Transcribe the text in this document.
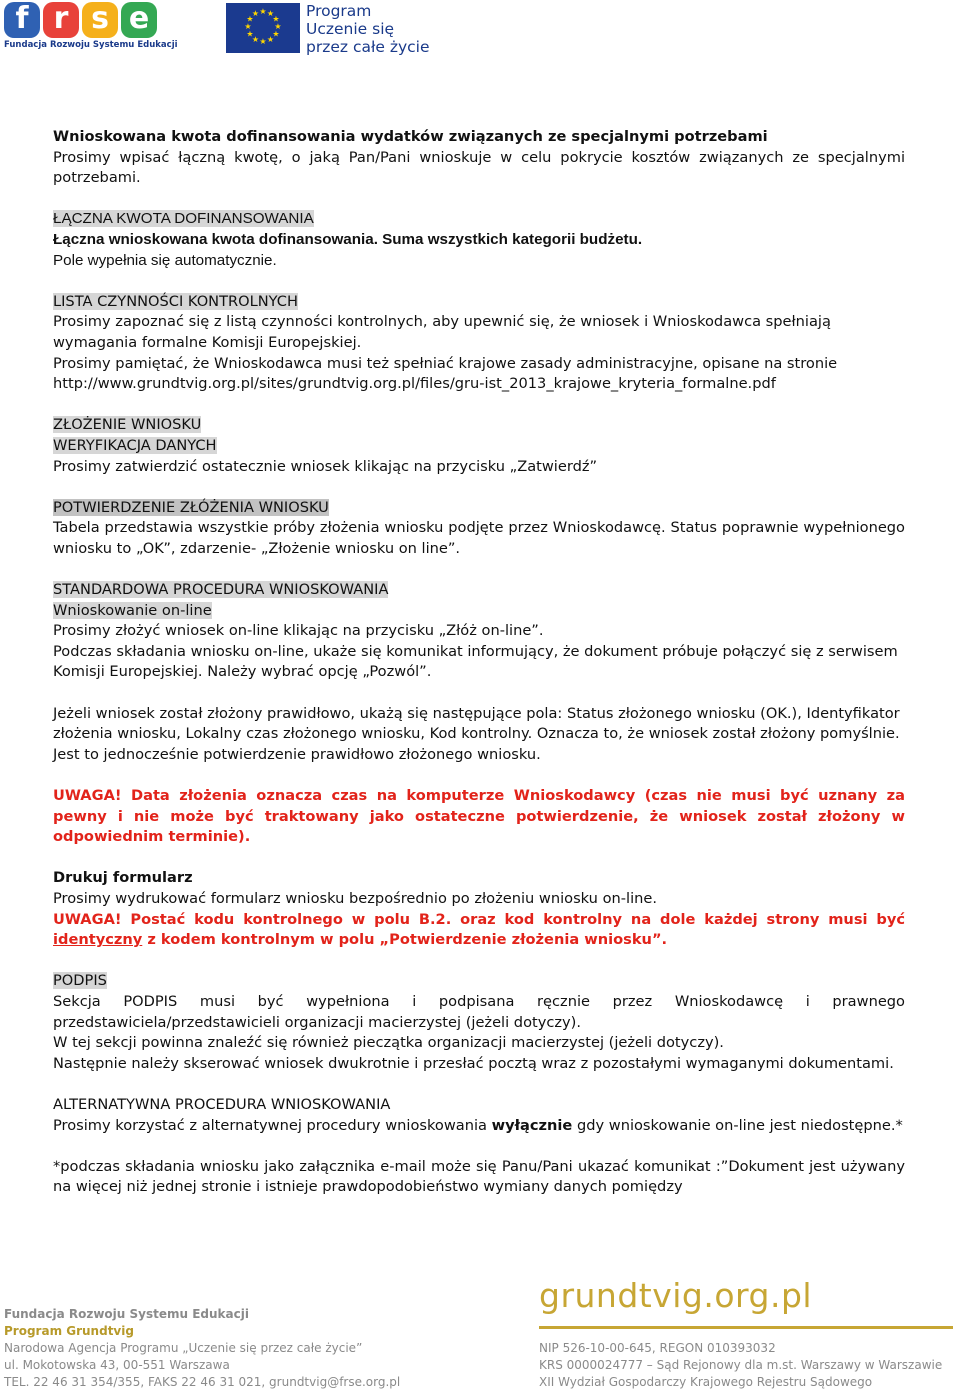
f r s e
Fundacja Rozwoju Systemu Edukacji
★ ★
★
★
★
★
★
★
★
★
★
★	Program
Uczenie się
przez całe życie

Wnioskowana kwota dofinansowania wydatków związanych ze specjalnymi potrzebami

Prosimy wpisać łączną kwotę, o jaką Pan/Pani wnioskuje w celu pokrycie kosztów związanych ze specjalnymi potrzebami.

ŁĄCZNA KWOTA DOFINANSOWANIA

Łączna wnioskowana kwota dofinansowania. Suma wszystkich kategorii budżetu.

Pole wypełnia się automatycznie.

LISTA CZYNNOŚCI KONTROLNYCH

Prosimy zapoznać się z listą czynności kontrolnych, aby upewnić się, że wniosek i Wnioskodawca spełniają wymagania formalne Komisji Europejskiej.

Prosimy pamiętać, że Wnioskodawca musi też spełniać krajowe zasady administracyjne, opisane na stronie

http://www.grundtvig.org.pl/sites/grundtvig.org.pl/files/gru-ist_2013_krajowe_kryteria_formalne.pdf

ZŁOŻENIE WNIOSKU

WERYFIKACJA DANYCH

Prosimy zatwierdzić ostatecznie wniosek klikając na przycisku „Zatwierdź”

POTWIERDZENIE ZŁÓŻENIA WNIOSKU

Tabela przedstawia wszystkie próby złożenia wniosku podjęte przez Wnioskodawcę. Status poprawnie wypełnionego wniosku to „OK”, zdarzenie- „Złożenie wniosku on line”.

STANDARDOWA PROCEDURA WNIOSKOWANIA

Wnioskowanie on-line

Prosimy złożyć wniosek on-line klikając na przycisku „Złóż on-line”.

Podczas składania wniosku on-line, ukaże się komunikat informujący, że dokument próbuje połączyć się z serwisem Komisji Europejskiej. Należy wybrać opcję „Pozwól”.

Jeżeli wniosek został złożony prawidłowo, ukażą się następujące pola: Status złożonego wniosku (OK.), Identyfikator złożenia wniosku, Lokalny czas złożonego wniosku, Kod kontrolny. Oznacza to, że wniosek został złożony pomyślnie. Jest to jednocześnie potwierdzenie prawidłowo złożonego wniosku.

UWAGA! Data złożenia oznacza czas na komputerze Wnioskodawcy (czas nie musi być uznany za pewny i nie może być traktowany jako ostateczne potwierdzenie, że wniosek został złożony w odpowiednim terminie).

Drukuj formularz

Prosimy wydrukować formularz wniosku bezpośrednio po złożeniu wniosku on-line.

UWAGA! Postać kodu kontrolnego w polu B.2. oraz kod kontrolny na dole każdej strony musi być identyczny z kodem kontrolnym w polu „Potwierdzenie złożenia wniosku”.

PODPIS

Sekcja PODPIS musi być wypełniona i podpisana ręcznie przez Wnioskodawcę i prawnego przedstawiciela/przedstawicieli organizacji macierzystej (jeżeli dotyczy).

W tej sekcji powinna znaleźć się również pieczątka organizacji macierzystej (jeżeli dotyczy).

Następnie należy skserować wniosek dwukrotnie i przesłać pocztą wraz z pozostałymi wymaganymi dokumentami.

ALTERNATYWNA PROCEDURA WNIOSKOWANIA

Prosimy korzystać z alternatywnej procedury wnioskowania wyłącznie gdy wnioskowanie on-line jest niedostępne.*

*podczas składania wniosku jako załącznika e-mail może się Panu/Pani ukazać komunikat :”Dokument jest używany na więcej niż jednej stronie i istnieje prawdopodobieństwo wymiany danych pomiędzy

Fundacja Rozwoju Systemu Edukacji
Program Grundtvig
Narodowa Agencja Programu „Uczenie się przez całe życie”
ul. Mokotowska 43, 00-551 Warszawa
TEL. 22 46 31 354/355, FAKS 22 46 31 021, grundtvig@frse.org.pl
grundtvig.org.pl
NIP 526-10-00-645, REGON 010393032
KRS 0000024777 – Sąd Rejonowy dla m.st. Warszawy w Warszawie
XII Wydział Gospodarczy Krajowego Rejestru Sądowego
